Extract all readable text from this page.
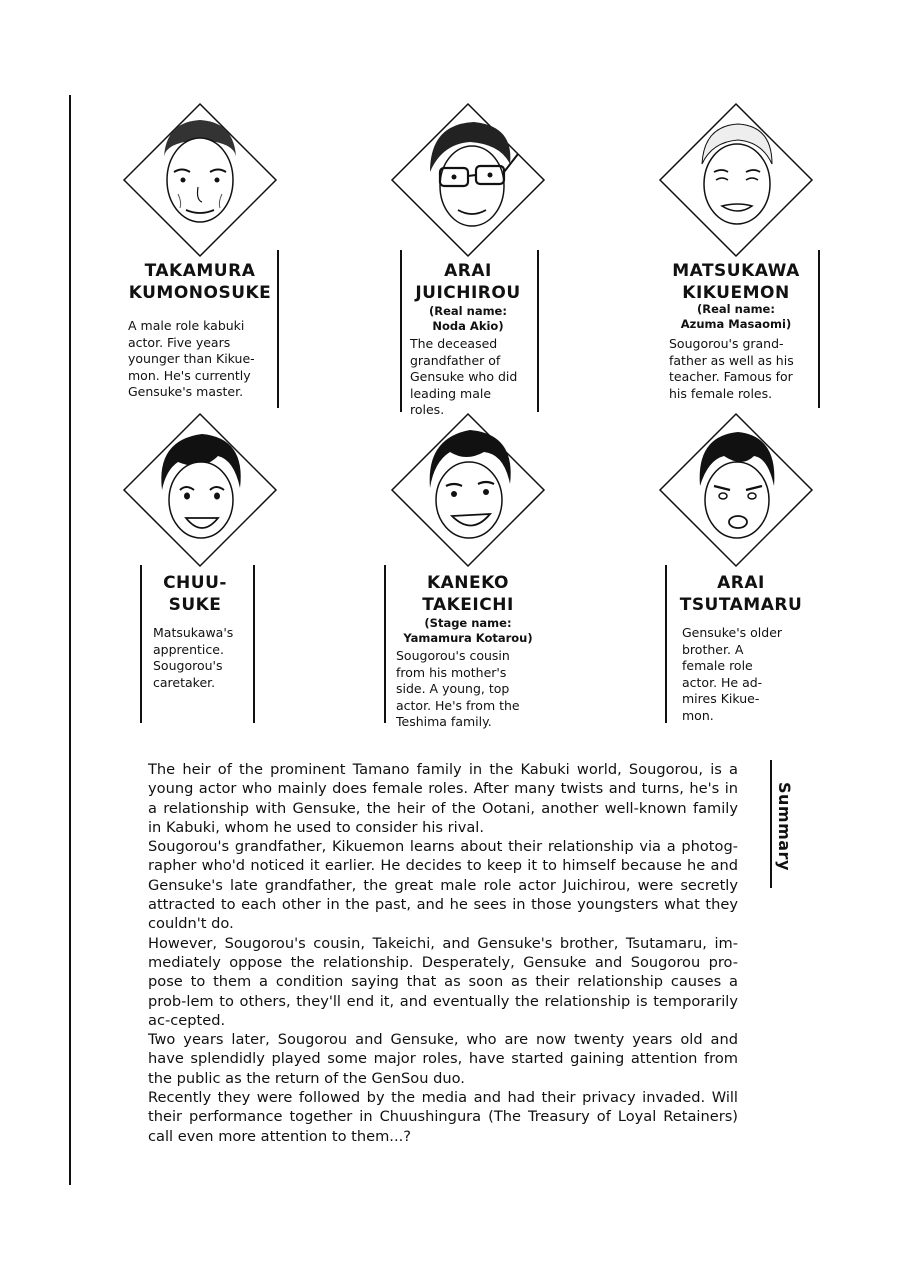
TAKAMURA
KUMONOSUKE
A male role kabuki
actor. Five years
younger than Kikue-
mon. He's currently
Gensuke's master.
ARAI
JUICHIROU
(Real name:
Noda Akio)
The deceased
grandfather of
Gensuke who did
leading male
roles.
MATSUKAWA
KIKUEMON
(Real name:
Azuma Masaomi)
Sougorou's grand-
father as well as his
teacher. Famous for
his female roles.
CHUU-
SUKE
Matsukawa's
apprentice.
Sougorou's
caretaker.
KANEKO
TAKEICHI
(Stage name:
Yamamura Kotarou)
Sougorou's cousin
from his mother's
side. A young, top
actor. He's from the
Teshima family.
ARAI
TSUTAMARU
Gensuke's older
brother. A
female role
actor. He ad-
mires Kikue-
mon.

The heir of the prominent Tamano family in the Kabuki world, Sougorou, is a young actor who mainly does female roles. After many twists and turns, he's in a relationship with Gensuke, the heir of the Ootani, another well-known family in Kabuki, whom he used to consider his rival.

Sougorou's grandfather, Kikuemon learns about their relationship via a photog-rapher who'd noticed it earlier. He decides to keep it to himself because he and Gensuke's late grandfather, the great male role actor Juichirou, were secretly attracted to each other in the past, and he sees in those youngsters what they couldn't do.

However, Sougorou's cousin, Takeichi, and Gensuke's brother, Tsutamaru, im-mediately oppose the relationship. Desperately, Gensuke and Sougorou pro-pose to them a condition saying that as soon as their relationship causes a prob-lem to others, they'll end it, and eventually the relationship is temporarily ac-cepted.

Two years later, Sougorou and Gensuke, who are now twenty years old and have splendidly played some major roles, have started gaining attention from the public as the return of the GenSou duo.

Recently they were followed by the media and had their privacy invaded. Will their performance together in Chuushingura (The Treasury of Loyal Retainers) call even more attention to them...?

Summary
